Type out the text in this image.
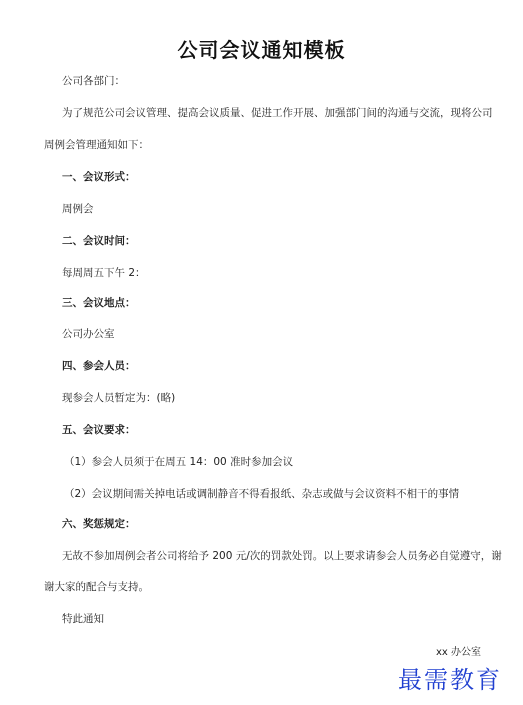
公司会议通知模板
公司各部门：
为了规范公司会议管理、提高会议质量、促进工作开展、加强部门间的沟通与交流，现将公司
周例会管理通知如下：
一、会议形式：
周例会
二、会议时间：
每周周五下午 2：
三、会议地点：
公司办公室
四、参会人员：
现参会人员暂定为：(略)
五、会议要求：
（1）参会人员须于在周五 14：00 准时参加会议
（2）会议期间需关掉电话或调制静音不得看报纸、杂志或做与会议资料不相干的事情
六、奖惩规定：
无故不参加周例会者公司将给予 200 元/次的罚款处罚。以上要求请参会人员务必自觉遵守，谢
谢大家的配合与支持。
特此通知
xx 办公室
最需教育
